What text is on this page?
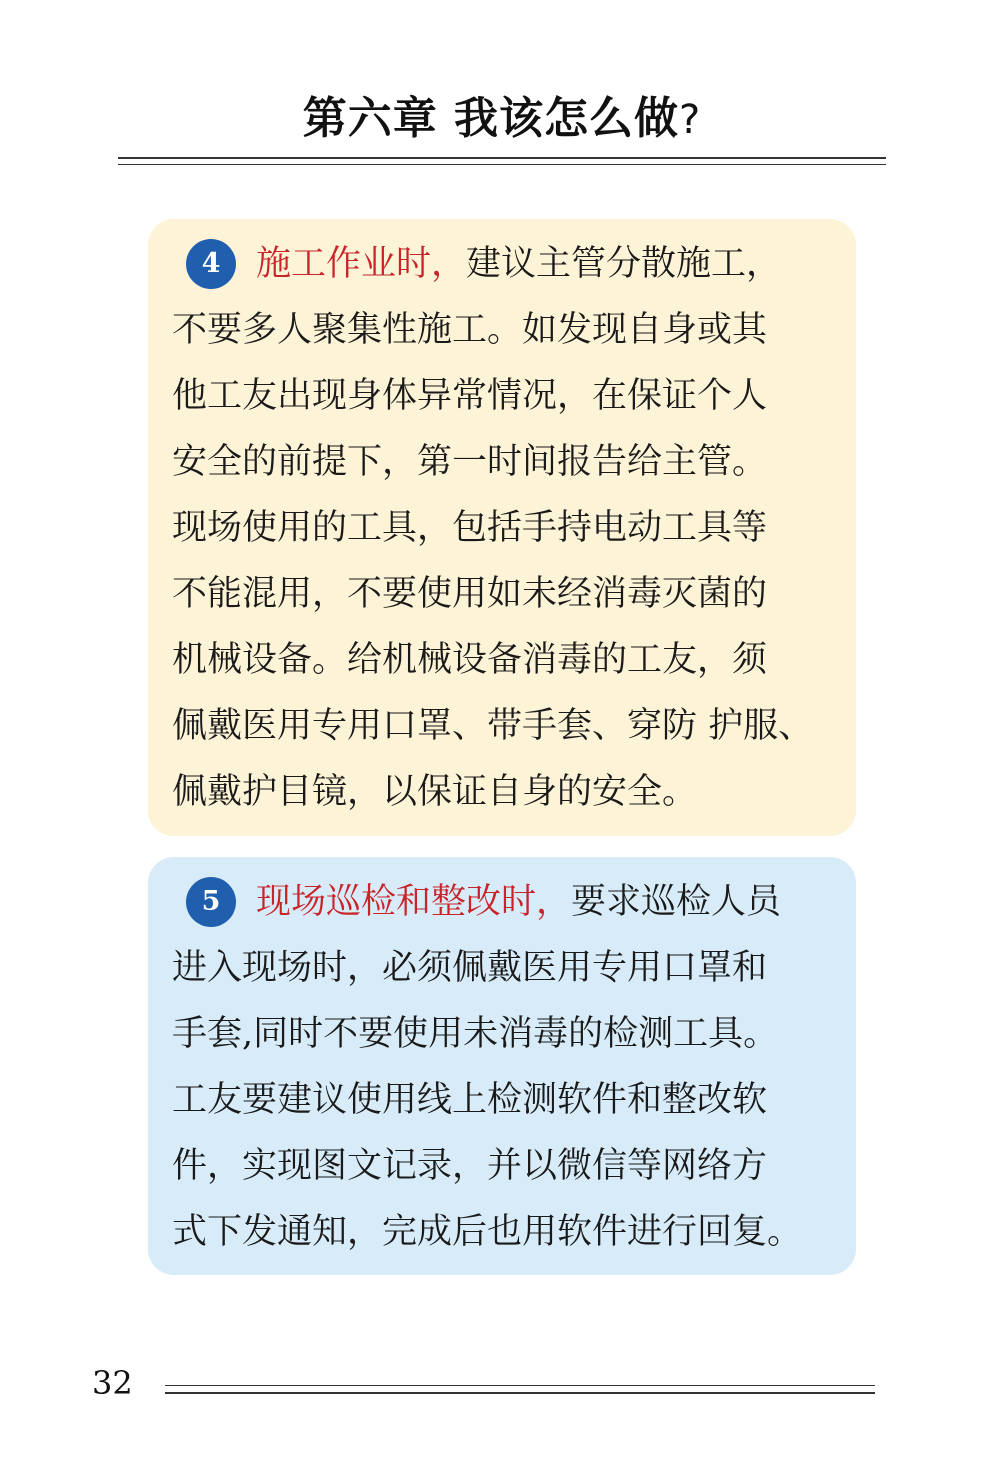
第六章 我该怎么做?
4 施工作业时，建议主管分散施工，
不要多人聚集性施工。如发现自身或其
他工友出现身体异常情况，在保证个人
安全的前提下，第一时间报告给主管。
现场使用的工具，包括手持电动工具等
不能混用，不要使用如未经消毒灭菌的
机械设备。给机械设备消毒的工友，须
佩戴医用专用口罩、带手套、穿防 护服、
佩戴护目镜，以保证自身的安全。
5 现场巡检和整改时，要求巡检人员
进入现场时，必须佩戴医用专用口罩和
手套,同时不要使用未消毒的检测工具。
工友要建议使用线上检测软件和整改软
件，实现图文记录，并以微信等网络方
式下发通知，完成后也用软件进行回复。
32
